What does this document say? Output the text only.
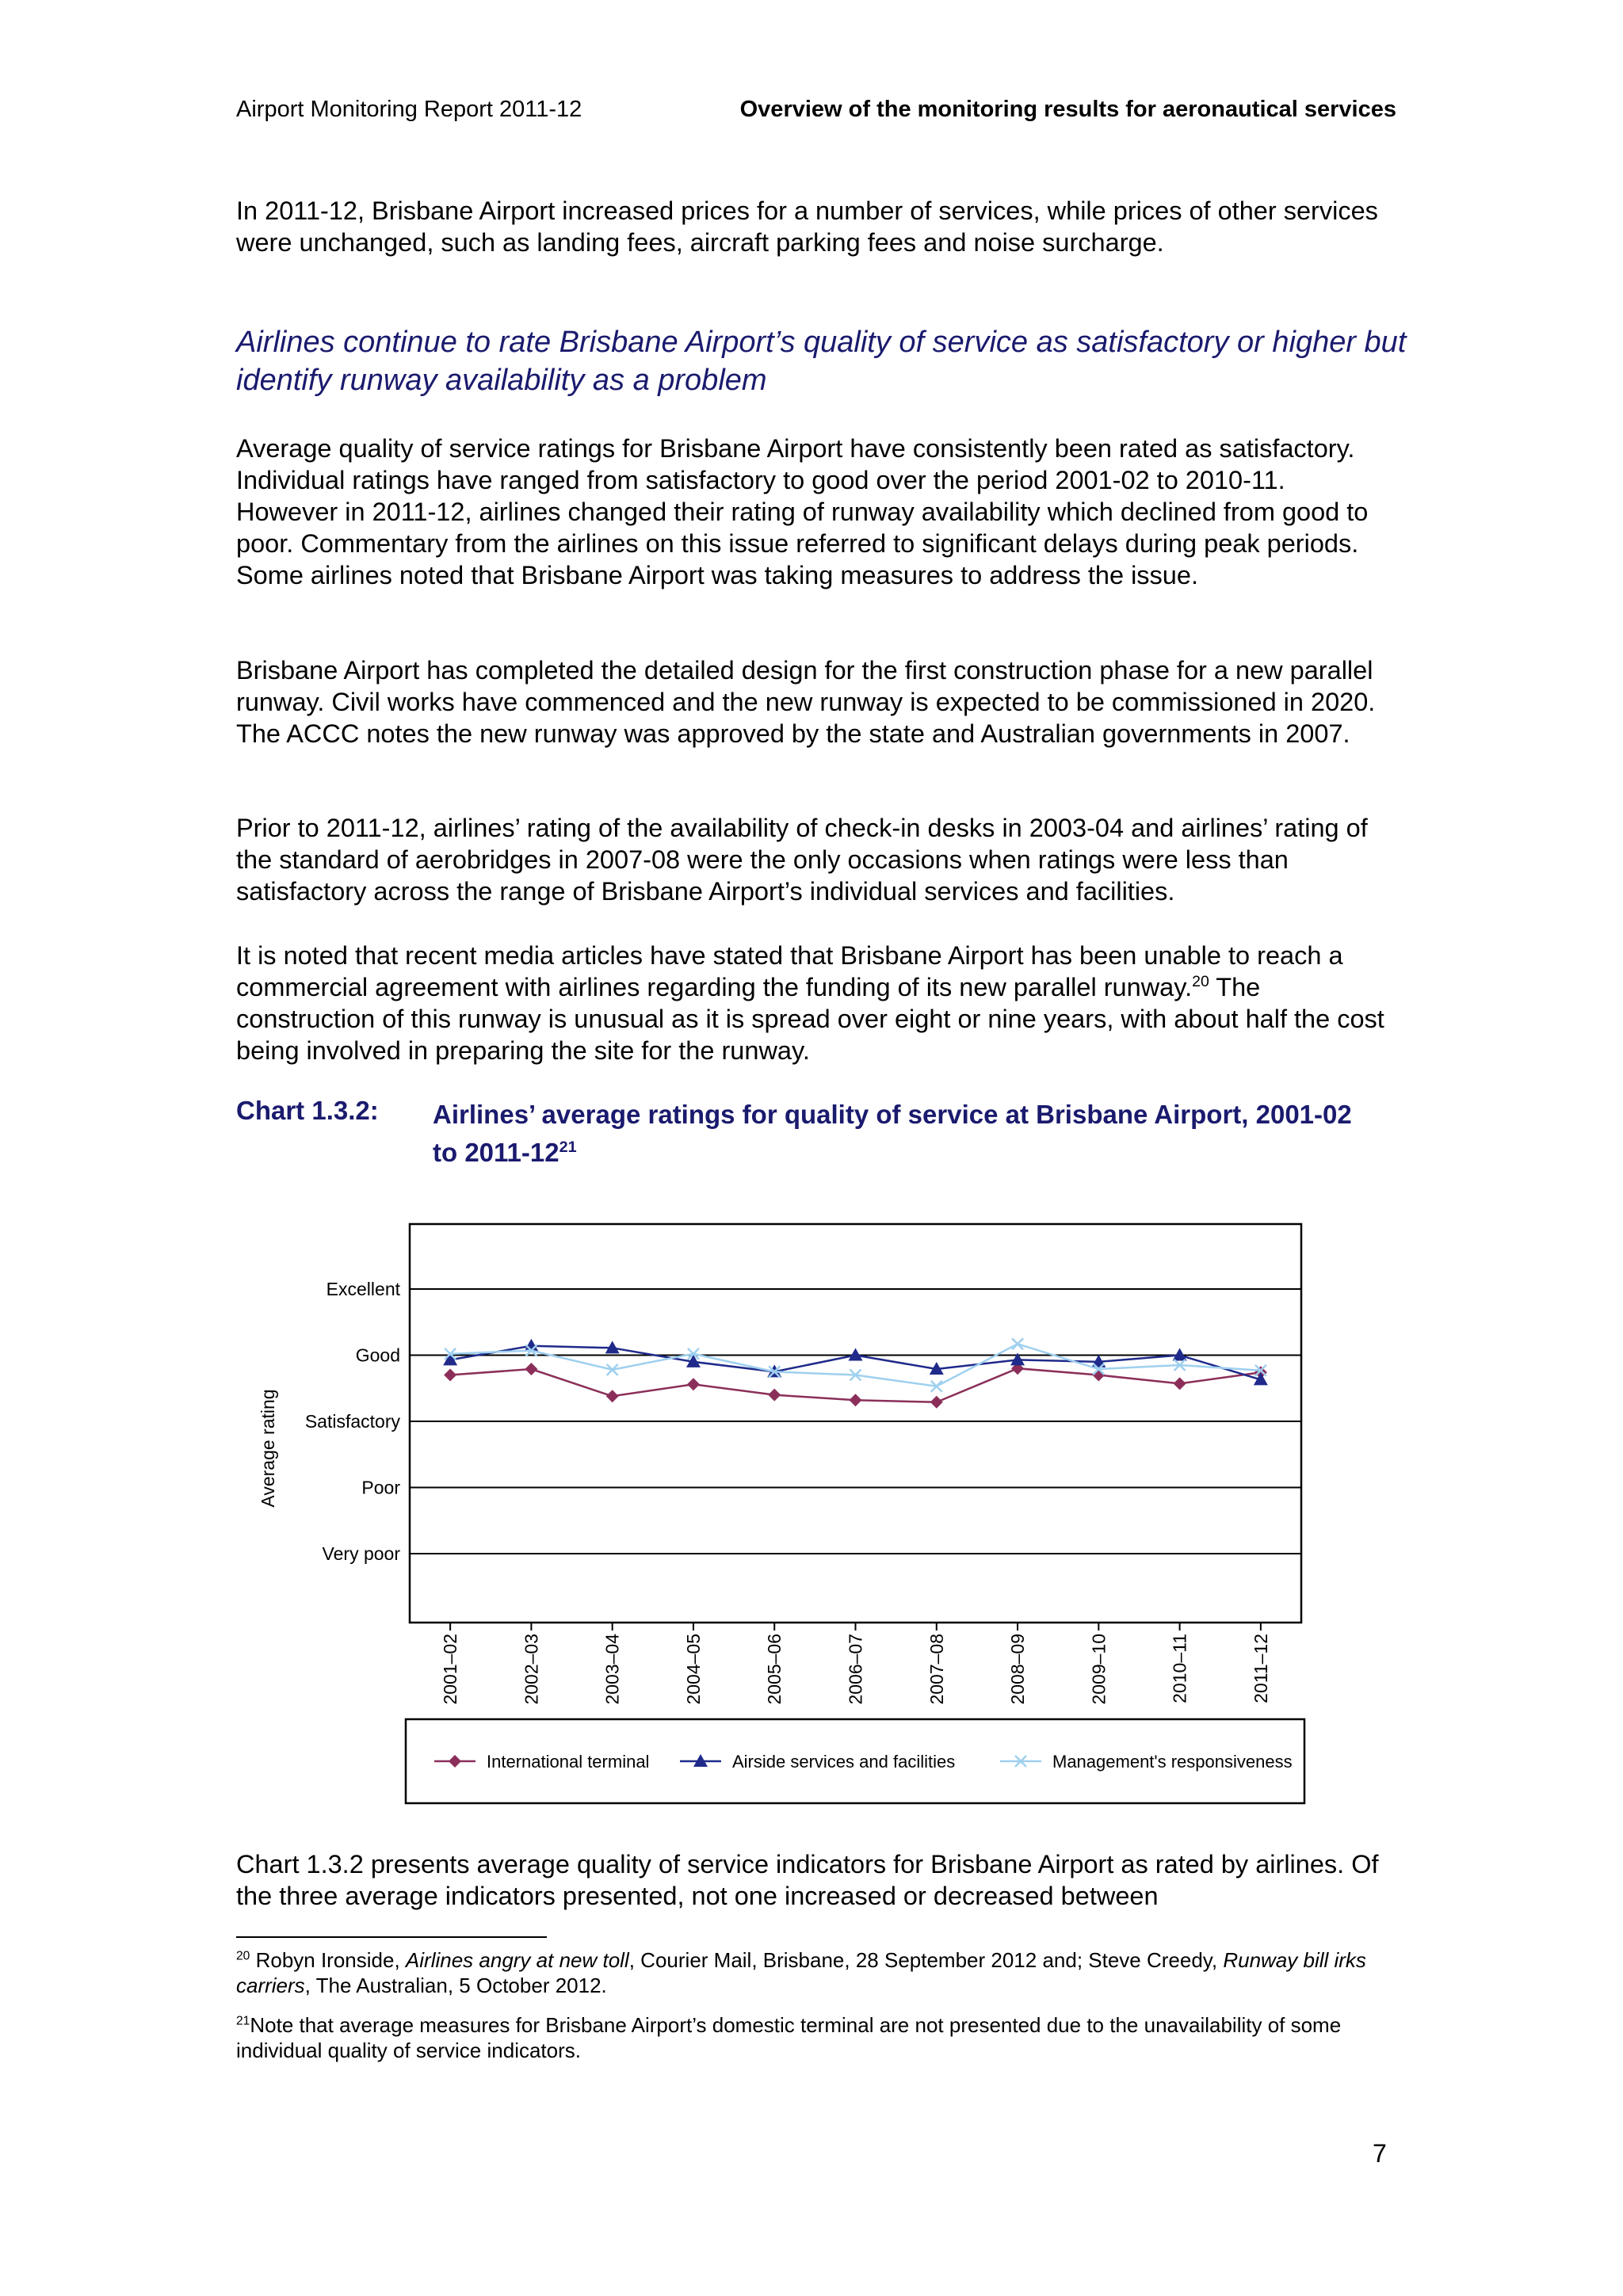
Airport Monitoring Report 2011-12	Overview of the monitoring results for aeronautical services

In 2011-12, Brisbane Airport increased prices for a number of services, while prices of other services were unchanged, such as landing fees, aircraft parking fees and noise surcharge.

Airlines continue to rate Brisbane Airport’s quality of service as satisfactory or higher but identify runway availability as a problem

Average quality of service ratings for Brisbane Airport have consistently been rated as satisfactory. Individual ratings have ranged from satisfactory to good over the period 2001-02 to 2010-11. However in 2011-12, airlines changed their rating of runway availability which declined from good to poor. Commentary from the airlines on this issue referred to significant delays during peak periods. Some airlines noted that Brisbane Airport was taking measures to address the issue.

Brisbane Airport has completed the detailed design for the first construction phase for a new parallel runway. Civil works have commenced and the new runway is expected to be commissioned in 2020. The ACCC notes the new runway was approved by the state and Australian governments in 2007.

Prior to 2011-12, airlines’ rating of the availability of check-in desks in 2003-04 and airlines’ rating of the standard of aerobridges in 2007-08 were the only occasions when ratings were less than satisfactory across the range of Brisbane Airport’s individual services and facilities.

It is noted that recent media articles have stated that Brisbane Airport has been unable to reach a commercial agreement with airlines regarding the funding of its new parallel runway.$^{20}$ The construction of this runway is unusual as it is spread over eight or nine years, with about half the cost being involved in preparing the site for the runway.

Chart 1.3.2: Airlines’ average ratings for quality of service at Brisbane Airport, 2001-02 to $2011-12^{21}$

Very poor
Poor
Satisfactory
Good
Excellent
Average rating
2001–02	2002–03	2003–04	2004–05	2005–06	2006–07	2007–08	2008–09	2009–10	2010–11	2011–12
International terminal	Airside services and facilities	Management's responsiveness

Chart 1.3.2 presents average quality of service indicators for Brisbane Airport as rated by airlines. Of the three average indicators presented, not one increased or decreased between

$^{20}$ Robyn Ironside, Airlines angry at new toll, Courier Mail, Brisbane, 28 September 2012 and; Steve Creedy, Runway bill irks carriers, The Australian, 5 October 2012.

$^{21}$Note that average measures for Brisbane Airport’s domestic terminal are not presented due to the unavailability of some individual quality of service indicators.

7
